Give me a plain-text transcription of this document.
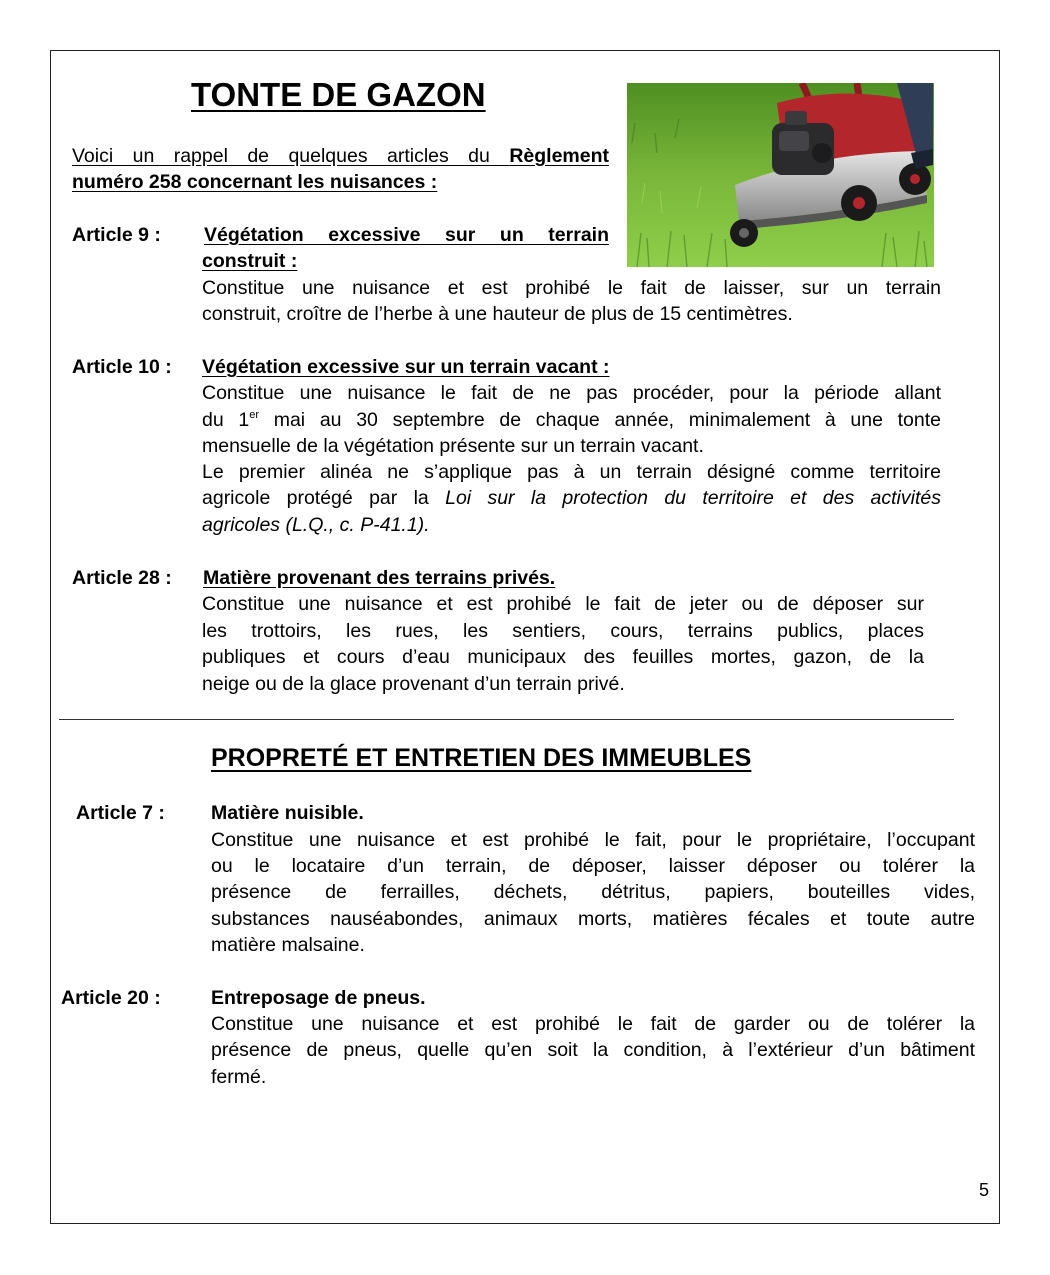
TONTE DE GAZON
Voici un rappel de quelques articles du Règlement
numéro 258 concernant les nuisances :
Article 9 : Végétation excessive sur un terrain
construit :
Constitue une nuisance et est prohibé le fait de laisser, sur un terrain
construit, croître de l’herbe à une hauteur de plus de 15 centimètres.
Article 10 : Végétation excessive sur un terrain vacant :
Constitue une nuisance le fait de ne pas procéder, pour la période allant
du 1er mai au 30 septembre de chaque année, minimalement à une tonte
mensuelle de la végétation présente sur un terrain vacant.
Le premier alinéa ne s’applique pas à un terrain désigné comme territoire
agricole protégé par la Loi sur la protection du territoire et des activités
agricoles (L.Q., c. P-41.1).
Article 28 : Matière provenant des terrains privés.
Constitue une nuisance et est prohibé le fait de jeter ou de déposer sur
les trottoirs, les rues, les sentiers, cours, terrains publics, places
publiques et cours d’eau municipaux des feuilles mortes, gazon, de la
neige ou de la glace provenant d’un terrain privé.
PROPRETÉ ET ENTRETIEN DES IMMEUBLES
Article 7 : Matière nuisible.
Constitue une nuisance et est prohibé le fait, pour le propriétaire, l’occupant
ou le locataire d’un terrain, de déposer, laisser déposer ou tolérer la
présence de ferrailles, déchets, détritus, papiers, bouteilles vides,
substances nauséabondes, animaux morts, matières fécales et toute autre
matière malsaine.
Article 20 :	Entreposage de pneus.
Constitue une nuisance et est prohibé le fait de garder ou de tolérer la
présence de pneus, quelle qu’en soit la condition, à l’extérieur d’un bâtiment
fermé.
5
